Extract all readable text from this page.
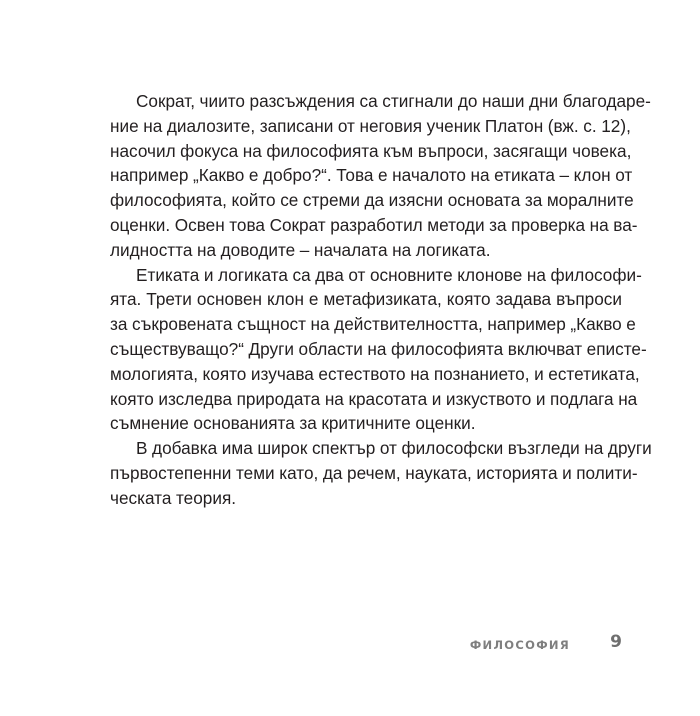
Сократ, чиито разсъждения са стигнали до наши дни благодаре-
ние на диалозите, записани от неговия ученик Платон (вж. с. 12),
насочил фокуса на философията към въпроси, засягащи човека,
например „Какво е добро?“. Това е началото на етиката – клон от
философията, който се стреми да изясни основата за моралните
оценки. Освен това Сократ разработил методи за проверка на ва-
лидността на доводите – началата на логиката.

Етиката и логиката са два от основните клонове на философи-
ята. Трети основен клон е метафизиката, която задава въпроси
за съкровената същност на действителността, например „Какво е
съществуващо?“ Други области на философията включват еписте-
мологията, която изучава естеството на познанието, и естетиката,
която изследва природата на красотата и изкуството и подлага на
съмнение основанията за критичните оценки.

В добавка има широк спектър от философски възгледи на други
първостепенни теми като, да речем, науката, историята и полити-
ческата теория.

ФИЛОСОФИЯ 9
